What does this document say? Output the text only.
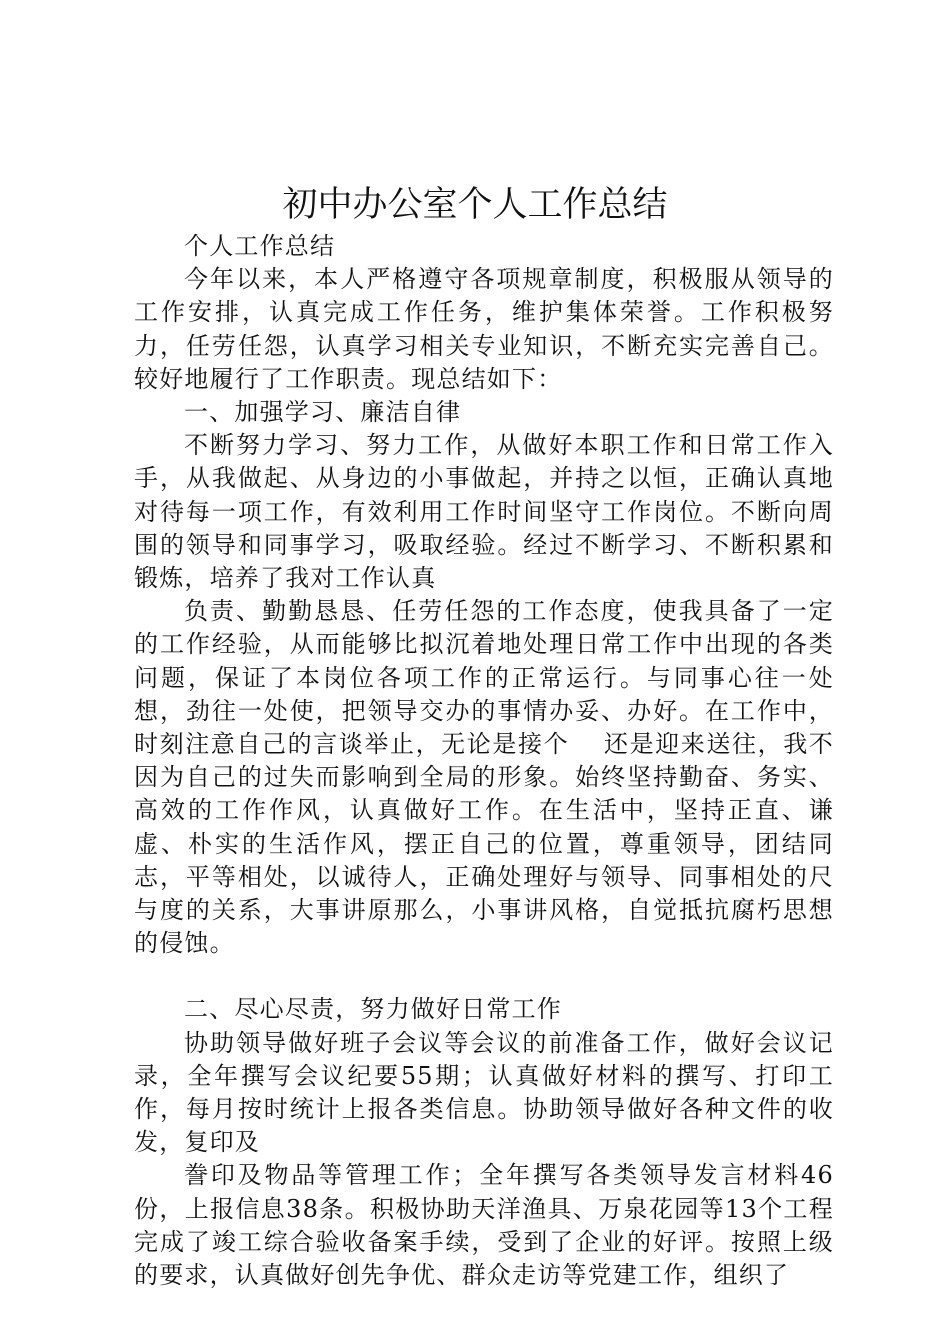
初中办公室个人工作总结

个人工作总结

今年以来，本人严格遵守各项规章制度，积极服从领导的工作安排，认真完成工作任务，维护集体荣誉。工作积极努力，任劳任怨，认真学习相关专业知识，不断充实完善自己。较好地履行了工作职责。现总结如下：

一、加强学习、廉洁自律

不断努力学习、努力工作，从做好本职工作和日常工作入手，从我做起、从身边的小事做起，并持之以恒，正确认真地对待每一项工作，有效利用工作时间坚守工作岗位。不断向周围的领导和同事学习，吸取经验。经过不断学习、不断积累和锻炼，培养了我对工作认真

负责、勤勤恳恳、任劳任怨的工作态度，使我具备了一定的工作经验，从而能够比拟沉着地处理日常工作中出现的各类问题，保证了本岗位各项工作的正常运行。与同事心往一处想，劲往一处使，把领导交办的事情办妥、办好。在工作中，时刻注意自己的言谈举止，无论是接个　 还是迎来送往，我不因为自己的过失而影响到全局的形象。始终坚持勤奋、务实、高效的工作作风，认真做好工作。在生活中，坚持正直、谦虚、朴实的生活作风，摆正自己的位置，尊重领导，团结同志，平等相处，以诚待人，正确处理好与领导、同事相处的尺与度的关系，大事讲原那么，小事讲风格，自觉抵抗腐朽思想的侵蚀。

二、尽心尽责，努力做好日常工作

协助领导做好班子会议等会议的前准备工作，做好会议记录，全年撰写会议纪要55期；认真做好材料的撰写、打印工作，每月按时统计上报各类信息。协助领导做好各种文件的收发，复印及

誊印及物品等管理工作；全年撰写各类领导发言材料46份，上报信息38条。积极协助天洋渔具、万泉花园等13个工程完成了竣工综合验收备案手续，受到了企业的好评。按照上级的要求，认真做好创先争优、群众走访等党建工作，组织了
